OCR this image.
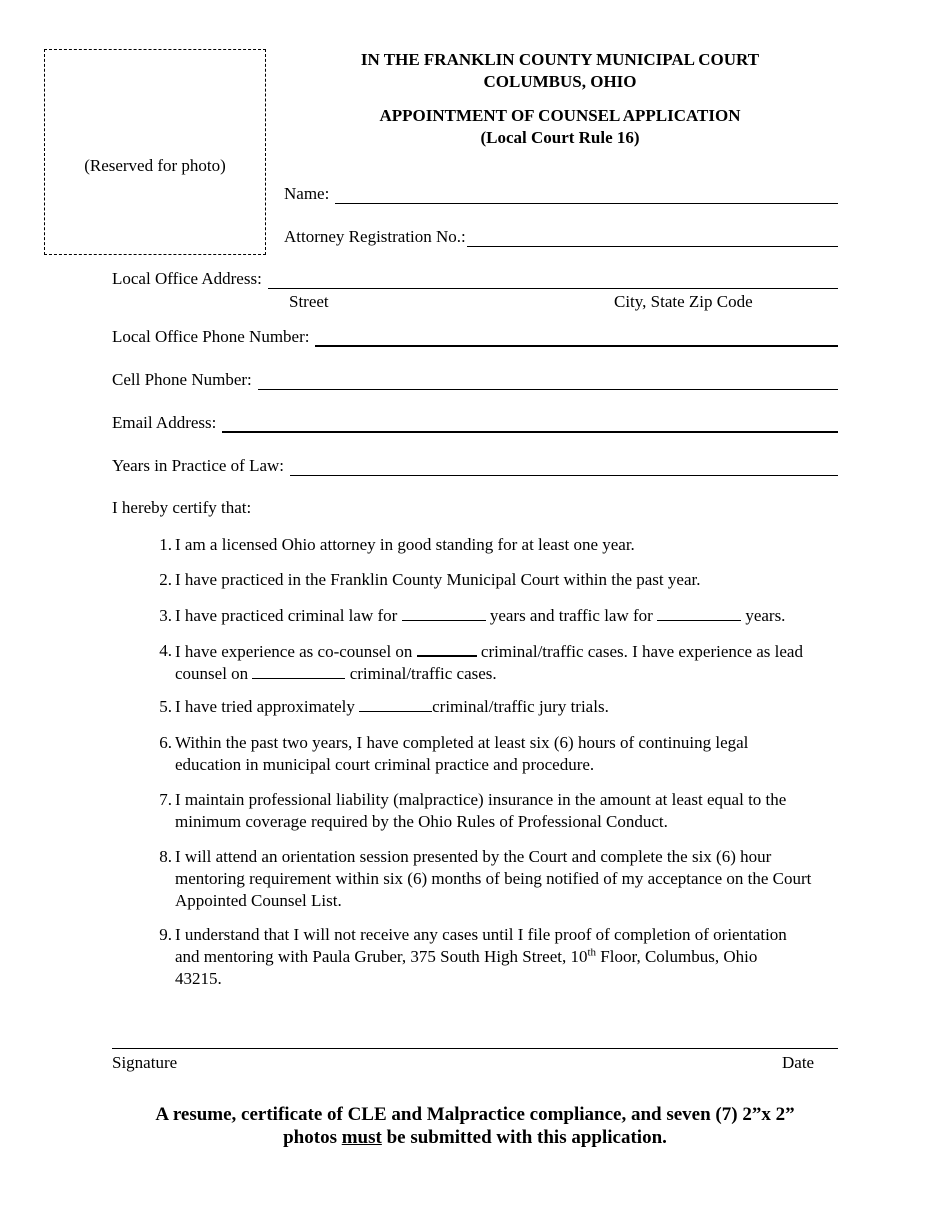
(Reserved for photo)
IN THE FRANKLIN COUNTY MUNICIPAL COURT
COLUMBUS, OHIO
APPOINTMENT OF COUNSEL APPLICATION
(Local Court Rule 16)
Name:
Attorney Registration No.:
Local Office Address:
Street	City, State Zip Code
Local Office Phone Number:
Cell Phone Number:
Email Address:
Years in Practice of Law:
I hereby certify that:
1. I am a licensed Ohio attorney in good standing for at least one year.
2. I have practiced in the Franklin County Municipal Court within the past year.
3. I have practiced criminal law for	years and traffic law for	years.
4. I have experience as co-counsel on	criminal/traffic cases. I have experience as lead counsel on	criminal/traffic cases.
5. I have tried approximately	criminal/traffic jury trials.
6. Within the past two years, I have completed at least six (6) hours of continuing legal education in municipal court criminal practice and procedure.
7. I maintain professional liability (malpractice) insurance in the amount at least equal to the minimum coverage required by the Ohio Rules of Professional Conduct.
8. I will attend an orientation session presented by the Court and complete the six (6) hour mentoring requirement within six (6) months of being notified of my acceptance on the Court Appointed Counsel List.
9. I understand that I will not receive any cases until I file proof of completion of orientation and mentoring with Paula Gruber, 375 South High Street, 10th Floor, Columbus, Ohio 43215.
Signature	Date
A resume, certificate of CLE and Malpractice compliance, and seven (7) 2”x 2”
photos must be submitted with this application.
